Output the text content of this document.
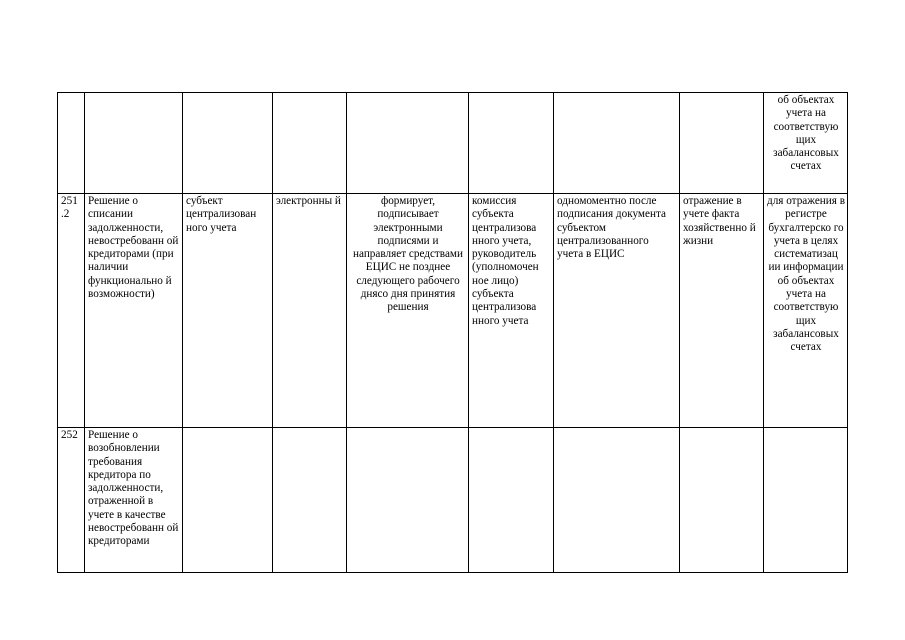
								об объектах учета на соответствую щих забалансовых счетах
251 .2	Решение о списании задолженности, невостребованн ой кредиторами (при наличии функционально й возможности)	субъект централизован ного учета	электронны й	формирует, подписывает электронными подписями и направляет средствами ЕЦИС не позднее следующего рабочего днясо дня принятия решения	комиссия субъекта централизова нного учета, руководитель (уполномочен ное лицо) субъекта централизова нного учета	одномоментно после подписания документа субъектом централизованного учета в ЕЦИС	отражение в учете факта хозяйственно й жизни	для отражения в регистре бухгалтерско го учета в целях систематизац ии информации об объектах учета на соответствую щих забалансовых счетах
252	Решение о возобновлении требования кредитора по задолженности, отраженной в учете в качестве невостребованн ой кредиторами							
